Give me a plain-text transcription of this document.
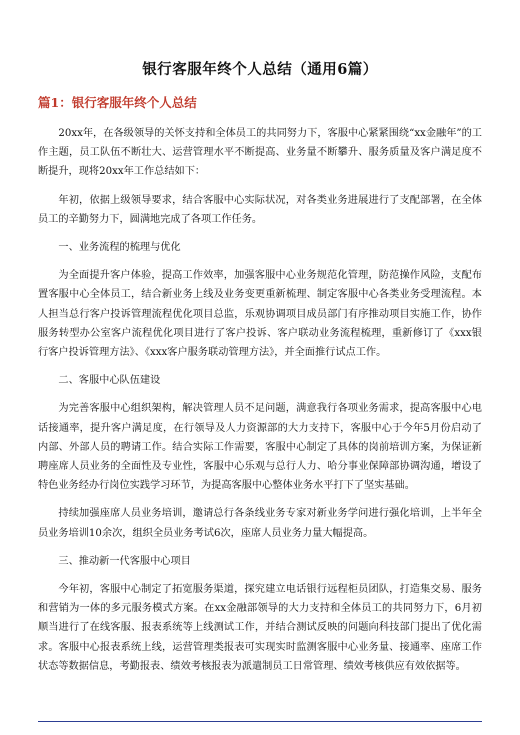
银行客服年终个人总结（通用6篇）
篇1：银行客服年终个人总结

20xx年，在各级领导的关怀支持和全体员工的共同努力下，客服中心紧紧围绕“xx金融年”的工作主题，员工队伍不断壮大、运营管理水平不断提高、业务量不断攀升、服务质量及客户满足度不断提升，现将20xx年工作总结如下：

年初，依据上级领导要求，结合客服中心实际状况，对各类业务进展进行了支配部署，在全体员工的辛勤努力下，圆满地完成了各项工作任务。

一、业务流程的梳理与优化

为全面提升客户体验，提高工作效率，加强客服中心业务规范化管理，防范操作风险，支配布置客服中心全体员工，结合新业务上线及业务变更重新梳理、制定客服中心各类业务受理流程。本人担当总行客户投诉管理流程优化项目总监，乐观协调项目成员部门有序推动项目实施工作，协作服务转型办公室客户流程优化项目进行了客户投诉、客户联动业务流程梳理，重新修订了《xxx银行客户投诉管理方法》、《xxx客户服务联动管理方法》，并全面推行试点工作。

二、客服中心队伍建设

为完善客服中心组织架构，解决管理人员不足问题，满意我行各项业务需求，提高客服中心电话接通率，提升客户满足度，在行领导及人力资源部的大力支持下，客服中心于今年5月份启动了内部、外部人员的聘请工作。结合实际工作需要，客服中心制定了具体的岗前培训方案，为保证新聘座席人员业务的全面性及专业性，客服中心乐观与总行人力、哈分事业保障部协调沟通，增设了特色业务经办行岗位实践学习环节，为提高客服中心整体业务水平打下了坚实基础。

持续加强座席人员业务培训，邀请总行各条线业务专家对新业务学问进行强化培训，上半年全员业务培训10余次，组织全员业务考试6次，座席人员业务力量大幅提高。

三、推动新一代客服中心项目

今年初，客服中心制定了拓宽服务渠道，探究建立电话银行远程柜员团队，打造集交易、服务和营销为一体的多元服务模式方案。在xx金融部领导的大力支持和全体员工的共同努力下，6月初顺当进行了在线客服、报表系统等上线测试工作，并结合测试反映的问题向科技部门提出了优化需求。客服中心报表系统上线，运营管理类报表可实现实时监测客服中心业务量、接通率、座席工作状态等数据信息，考勤报表、绩效考核报表为派遣制员工日常管理、绩效考核供应有效依据等。
